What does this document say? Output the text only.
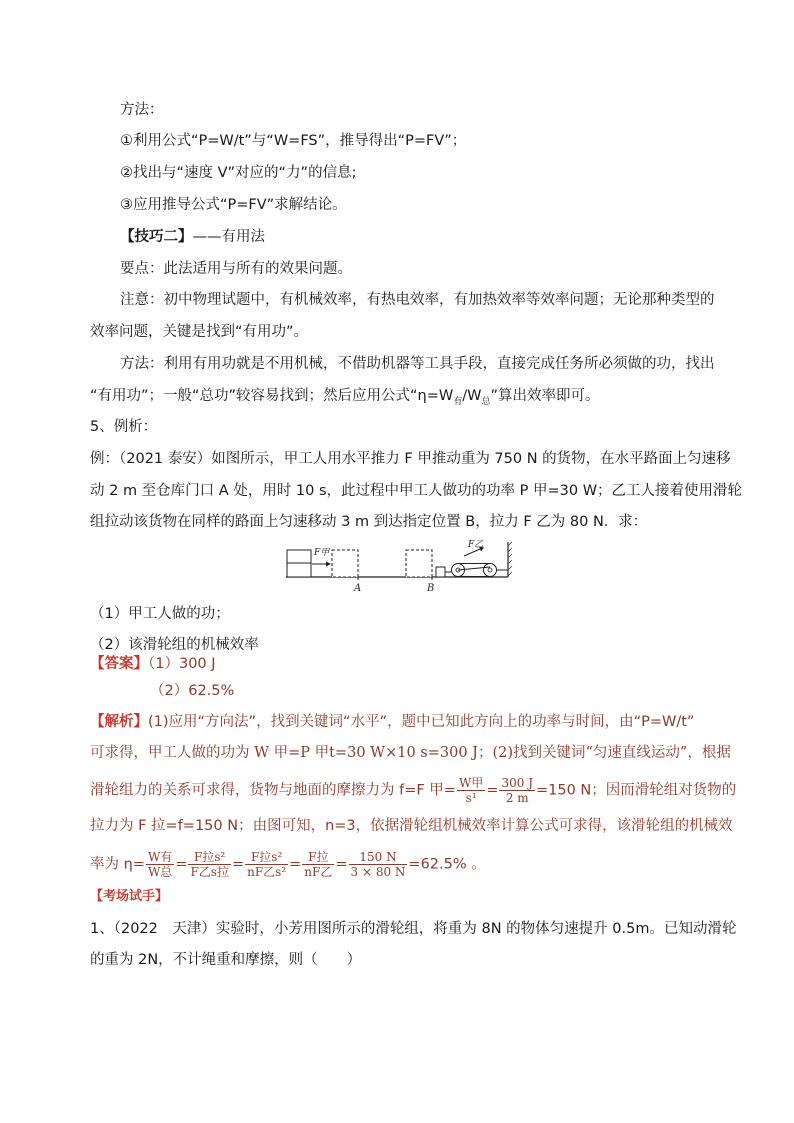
方法：
①利用公式“P=W/t”与“W=FS”，推导得出“P=FV”；
②找出与“速度 V”对应的“力”的信息;
③应用推导公式“P=FV”求解结论。
【技巧二】——有用法
要点：此法适用与所有的效果问题。
注意：初中物理试题中，有机械效率，有热电效率，有加热效率等效率问题；无论那种类型的
效率问题，关键是找到“有用功”。
方法：利用有用功就是不用机械，不借助机器等工具手段，直接完成任务所必须做的功，找出
“有用功”；一般“总功”较容易找到；然后应用公式“$\eta=W_有/W_总$”算出效率即可。
5、例析：
例：（2021 泰安）如图所示，甲工人用水平推力 F 甲推动重为 750 N 的货物，在水平路面上匀速移
动 2 m 至仓库门口 A 处，用时 10 s，此过程中甲工人做功的功率 P 甲=30 W；乙工人接着使用滑轮
组拉动该货物在同样的路面上匀速移动 3 m 到达指定位置 B，拉力 F 乙为 80 N．求：
F甲
A	B
F乙
（1）甲工人做的功；
（2）该滑轮组的机械效率
【答案】（1）300 J
（2）62.5%
【解析】(1)应用“方向法”，找到关键词“水平”，题中已知此方向上的功率与时间，由“P=W/t”
可求得，甲工人做的功为 W 甲=P 甲t=30 W×10 s=300 J；(2)找到关键词“匀速直线运动”，根据
滑轮组力的关系可求得，货物与地面的摩擦力为 f=F 甲= $\frac{\text{W甲}}{\text{s¹}} = \frac{300 J}{2 m} =150$ N；因而滑轮组对货物的
拉力为 F 拉=f=150 N；由图可知，n=3，依据滑轮组机械效率计算公式可求得，该滑轮组的机械效
率为 $\eta= \frac{\text{W有}}{\text{W总}} = \frac{\text{F拉s²}}{\text{F乙s拉}} = \frac{\text{F拉s²}}{\text{nF乙s²}} = \frac{\text{F拉}}{\text{nF乙}} = \frac{150 N}{3 \times 80 N} =62.5\%$ 。
【考场试手】
1、（2022　天津）实验时，小芳用图所示的滑轮组，将重为 8N 的物体匀速提升 0.5m。已知动滑轮
的重为 2N，不计绳重和摩擦，则（　　）
